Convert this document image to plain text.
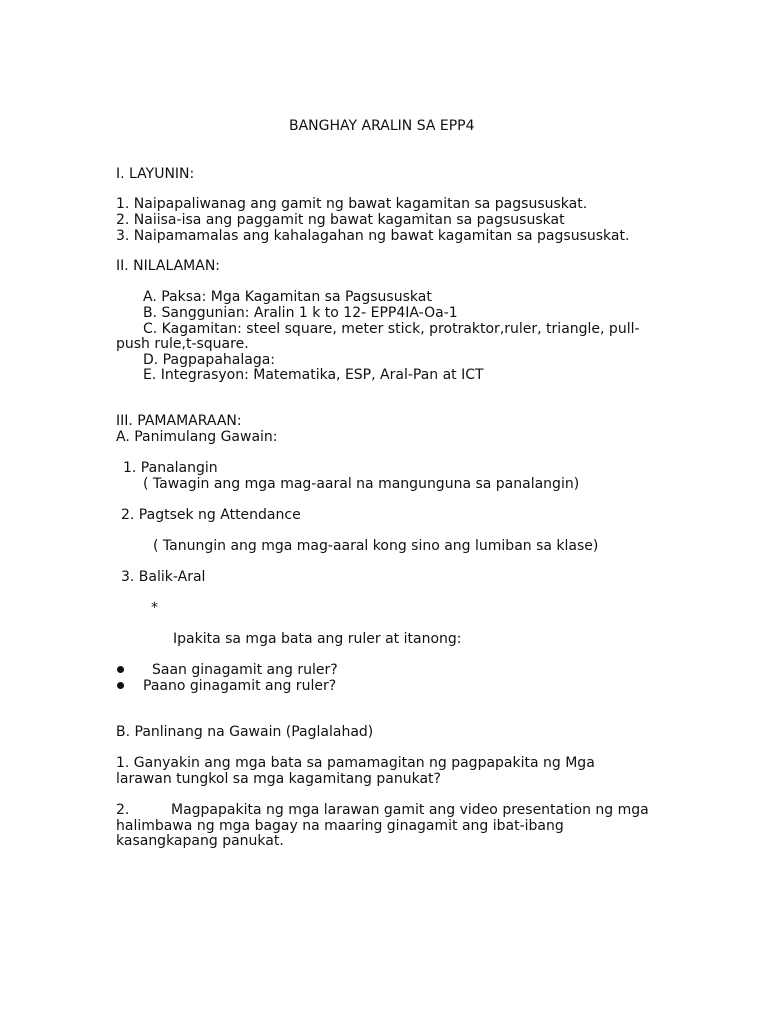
BANGHAY ARALIN SA EPP4
I. LAYUNIN:
1. Naipapaliwanag ang gamit ng bawat kagamitan sa pagsususkat.
2. Naiisa-isa ang paggamit ng bawat kagamitan sa pagsususkat
3. Naipamamalas ang kahalagahan ng bawat kagamitan sa pagsususkat.
II. NILALAMAN:
A. Paksa: Mga Kagamitan sa Pagsususkat
B. Sanggunian: Aralin 1 k to 12- EPP4IA-Oa-1
C. Kagamitan: steel square, meter stick, protraktor,ruler, triangle, pull-
push rule,t-square.
D. Pagpapahalaga:
E. Integrasyon: Matematika, ESP, Aral-Pan at ICT
III. PAMAMARAAN:
A. Panimulang Gawain:
1. Panalangin
( Tawagin ang mga mag-aaral na mangunguna sa panalangin)
2. Pagtsek ng Attendance
( Tanungin ang mga mag-aaral kong sino ang lumiban sa klase)
3. Balik-Aral
*
Ipakita sa mga bata ang ruler at itanong:
Saan ginagamit ang ruler?
Paano ginagamit ang ruler?
B. Panlinang na Gawain (Paglalahad)
1. Ganyakin ang mga bata sa pamamagitan ng pagpapakita ng Mga
larawan tungkol sa mga kagamitang panukat?
2.	Magpapakita ng mga larawan gamit ang video presentation ng mga
halimbawa ng mga bagay na maaring ginagamit ang ibat-ibang
kasangkapang panukat.
